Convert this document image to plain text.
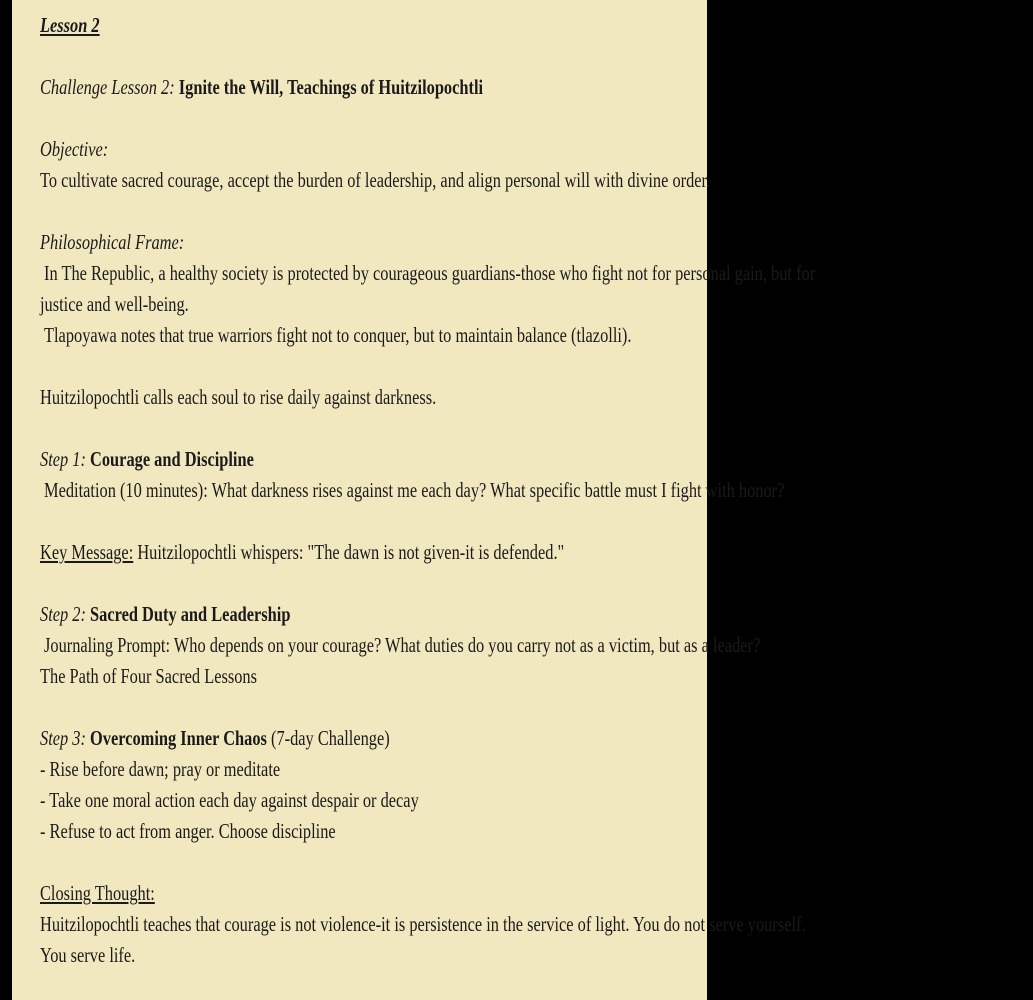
Lesson 2

Challenge Lesson 2: Ignite the Will, Teachings of Huitzilopochtli

Objective:

To cultivate sacred courage, accept the burden of leadership, and align personal will with divine order.

Philosophical Frame:

In The Republic, a healthy society is protected by courageous guardians-those who fight not for personal gain, but for

justice and well-being.

Tlapoyawa notes that true warriors fight not to conquer, but to maintain balance (tlazolli).

Huitzilopochtli calls each soul to rise daily against darkness.

Step 1: Courage and Discipline

Meditation (10 minutes): What darkness rises against me each day? What specific battle must I fight with honor?

Key Message: Huitzilopochtli whispers: "The dawn is not given-it is defended."

Step 2: Sacred Duty and Leadership

Journaling Prompt: Who depends on your courage? What duties do you carry not as a victim, but as a leader?

The Path of Four Sacred Lessons

Step 3: Overcoming Inner Chaos (7-day Challenge)

- Rise before dawn; pray or meditate

- Take one moral action each day against despair or decay

- Refuse to act from anger. Choose discipline

Closing Thought:

Huitzilopochtli teaches that courage is not violence-it is persistence in the service of light. You do not serve yourself.

You serve life.
